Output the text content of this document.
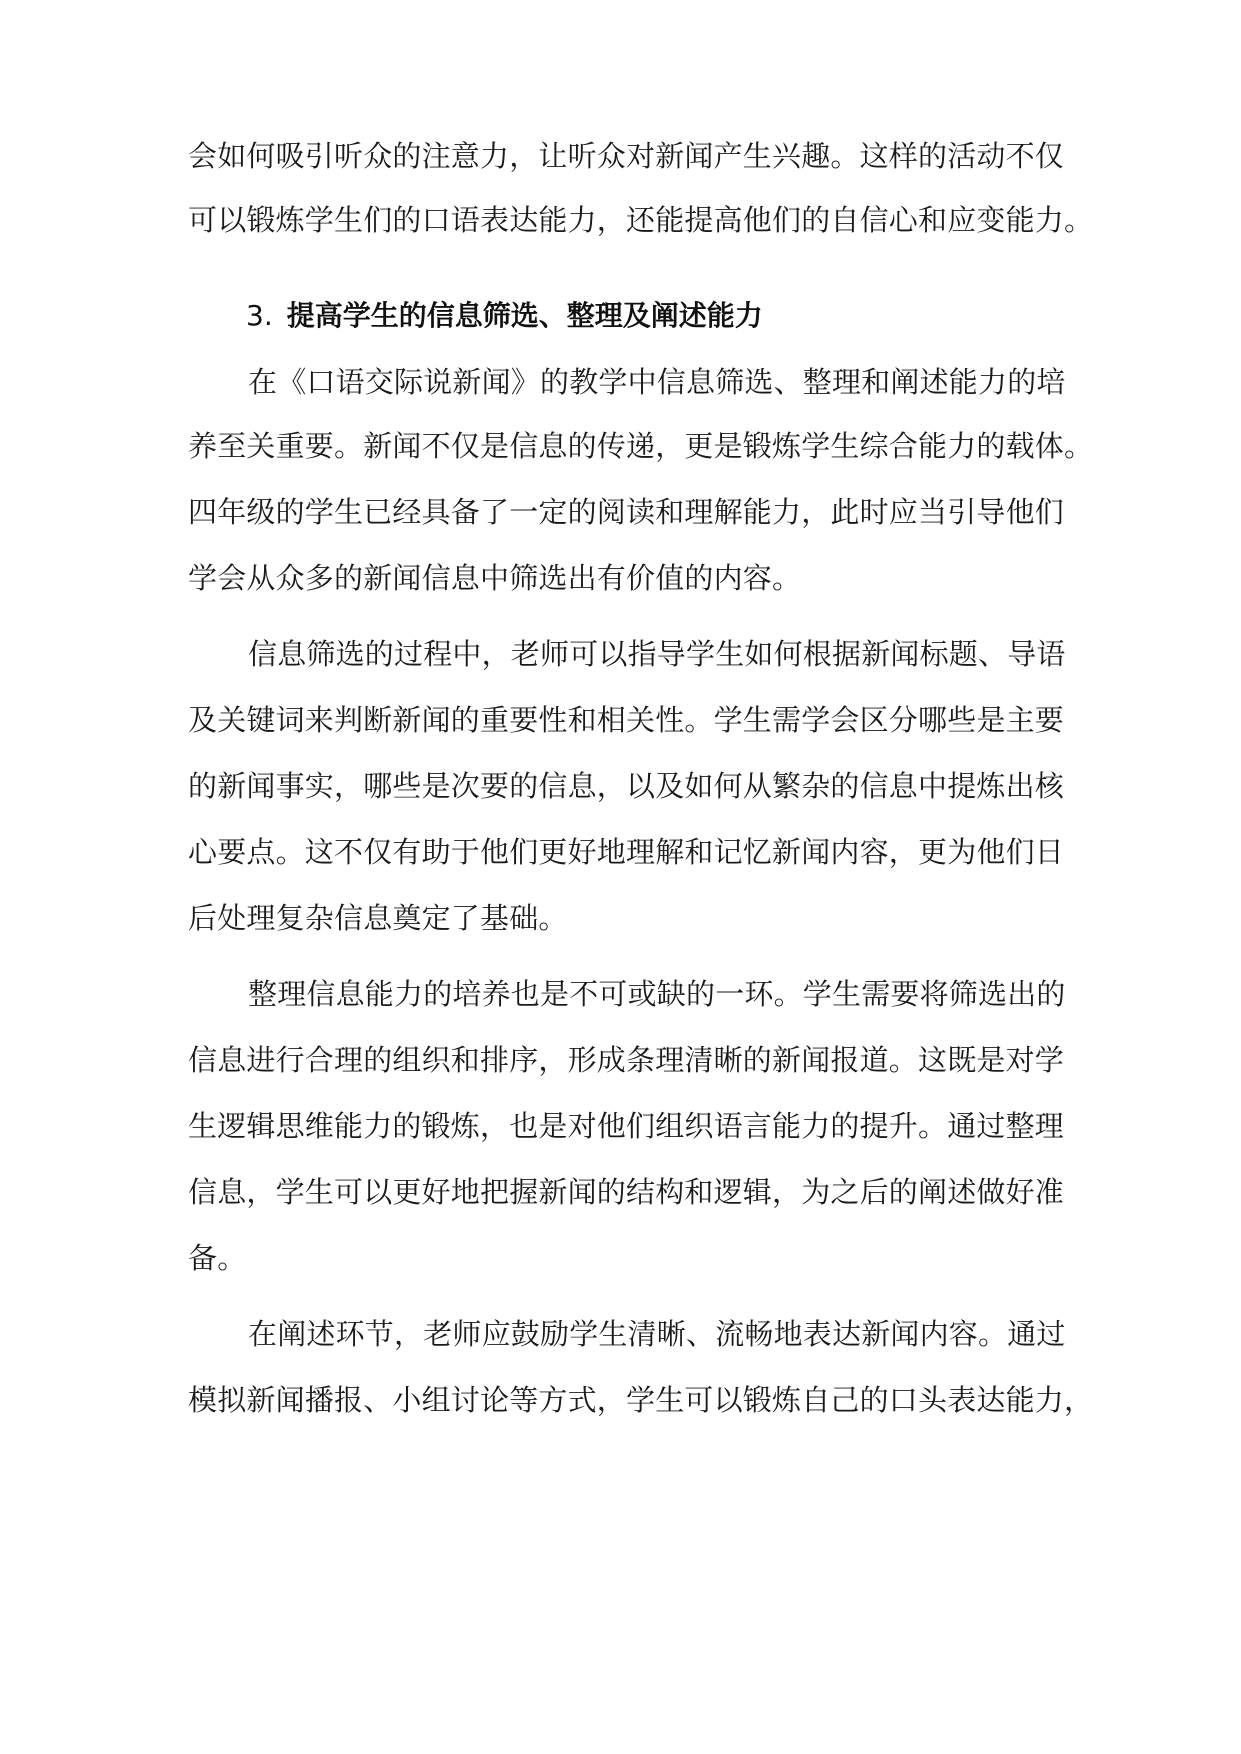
会如何吸引听众的注意力，让听众对新闻产生兴趣。这样的活动不仅
可以锻炼学生们的口语表达能力，还能提高他们的自信心和应变能力。
3. 提高学生的信息筛选、整理及阐述能力
在《口语交际说新闻》的教学中信息筛选、整理和阐述能力的培
养至关重要。新闻不仅是信息的传递，更是锻炼学生综合能力的载体。
四年级的学生已经具备了一定的阅读和理解能力，此时应当引导他们
学会从众多的新闻信息中筛选出有价值的内容。
信息筛选的过程中，老师可以指导学生如何根据新闻标题、导语
及关键词来判断新闻的重要性和相关性。学生需学会区分哪些是主要
的新闻事实，哪些是次要的信息，以及如何从繁杂的信息中提炼出核
心要点。这不仅有助于他们更好地理解和记忆新闻内容，更为他们日
后处理复杂信息奠定了基础。
整理信息能力的培养也是不可或缺的一环。学生需要将筛选出的
信息进行合理的组织和排序，形成条理清晰的新闻报道。这既是对学
生逻辑思维能力的锻炼，也是对他们组织语言能力的提升。通过整理
信息，学生可以更好地把握新闻的结构和逻辑，为之后的阐述做好准
备。
在阐述环节，老师应鼓励学生清晰、流畅地表达新闻内容。通过
模拟新闻播报、小组讨论等方式，学生可以锻炼自己的口头表达能力，
